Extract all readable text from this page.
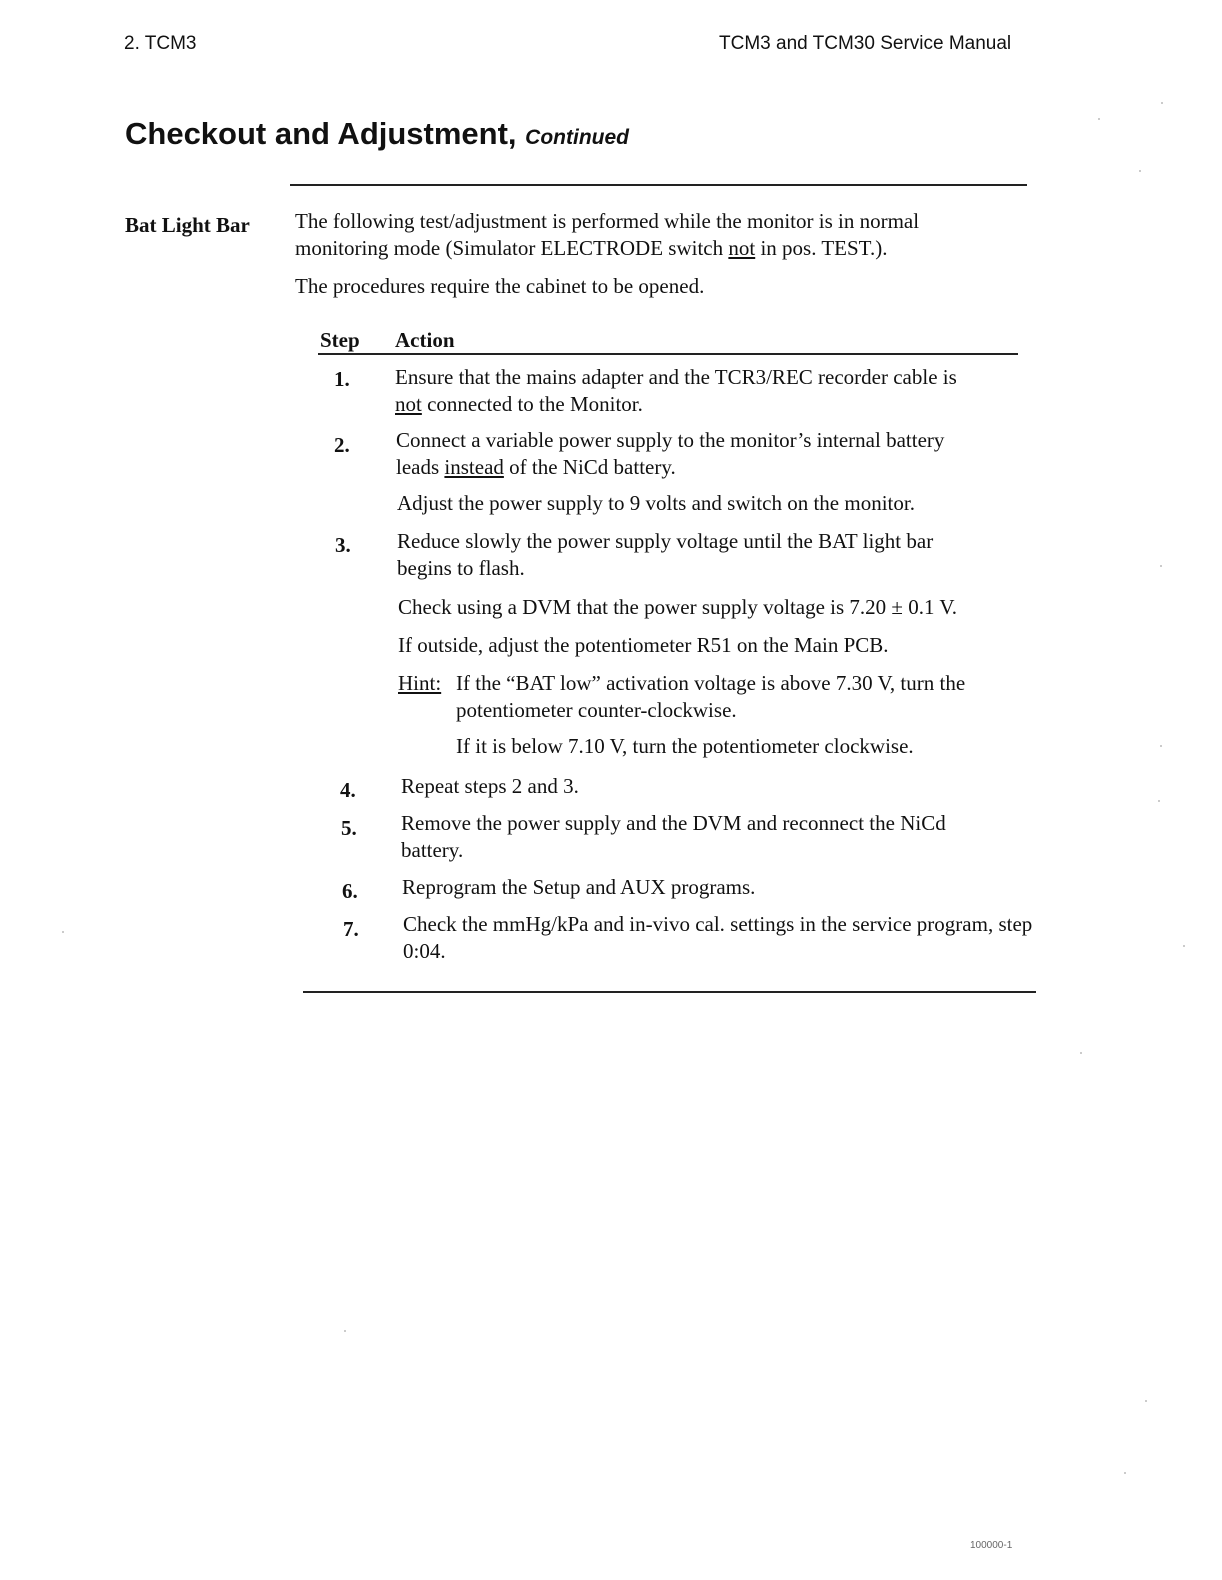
2. TCM3	TCM3 and TCM30 Service Manual
Checkout and Adjustment, Continued
Bat Light Bar The following test/adjustment is performed while the monitor is in normal monitoring mode (Simulator ELECTRODE switch not in pos. TEST.).

The procedures require the cabinet to be opened.

Step Action
1. Ensure that the mains adapter and the TCR3/REC recorder cable is
not connected to the Monitor.

2. Connect a variable power supply to the monitor’s internal battery
leads instead of the NiCd battery.

Adjust the power supply to 9 volts and switch on the monitor.

3. Reduce slowly the power supply voltage until the BAT light bar begins to flash.

Check using a DVM that the power supply voltage is 7.20 ± 0.1 V.

If outside, adjust the potentiometer R51 on the Main PCB.

Hint: If the “BAT low” activation voltage is above 7.30 V, turn the potentiometer counter-clockwise.

If it is below 7.10 V, turn the potentiometer clockwise.

4. Repeat steps 2 and 3.

5. Remove the power supply and the DVM and reconnect the NiCd battery.

6. Reprogram the Setup and AUX programs.

7. Check the mmHg/kPa and in-vivo cal. settings in the service program, step 0:04.

100000-1
